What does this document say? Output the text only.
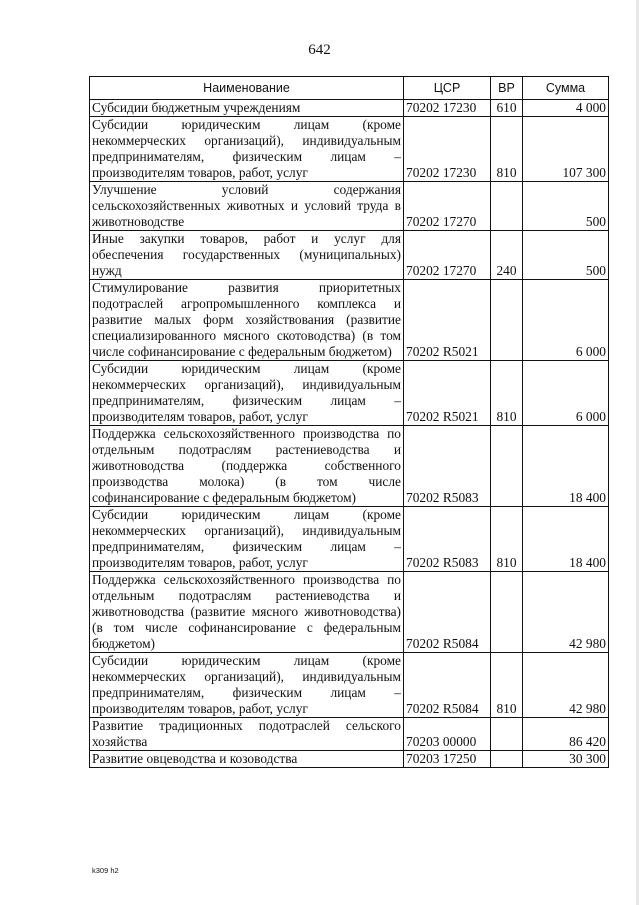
642
Наименование	ЦСР	ВР	Сумма
Субсидии бюджетным учреждениям	70202 17230	610	4 000
Субсидии юридическим лицам (кроме некоммерческих организаций), индивидуальным предпринимателям, физическим лицам – производителям товаров, работ, услуг	70202 17230	810	107 300
Улучшение условий содержания сельскохозяйственных животных и условий труда в животноводстве	70202 17270		500
Иные закупки товаров, работ и услуг для обеспечения государственных (муниципальных) нужд	70202 17270	240	500
Стимулирование развития приоритетных подотраслей агропромышленного комплекса и развитие малых форм хозяйствования (развитие специализированного мясного скотоводства) (в том числе софинансирование с федеральным бюджетом)	70202 R5021		6 000
Субсидии юридическим лицам (кроме некоммерческих организаций), индивидуальным предпринимателям, физическим лицам – производителям товаров, работ, услуг	70202 R5021	810	6 000
Поддержка сельскохозяйственного производства по отдельным подотраслям растениеводства и животноводства (поддержка собственного производства молока) (в том числе софинансирование с федеральным бюджетом)	70202 R5083		18 400
Субсидии юридическим лицам (кроме некоммерческих организаций), индивидуальным предпринимателям, физическим лицам – производителям товаров, работ, услуг	70202 R5083	810	18 400
Поддержка сельскохозяйственного производства по отдельным подотраслям растениеводства и животноводства (развитие мясного животноводства) (в том числе софинансирование с федеральным бюджетом)	70202 R5084		42 980
Субсидии юридическим лицам (кроме некоммерческих организаций), индивидуальным предпринимателям, физическим лицам – производителям товаров, работ, услуг	70202 R5084	810	42 980
Развитие традиционных подотраслей сельского хозяйства	70203 00000		86 420
Развитие овцеводства и козоводства	70203 17250		30 300
k309 h2
